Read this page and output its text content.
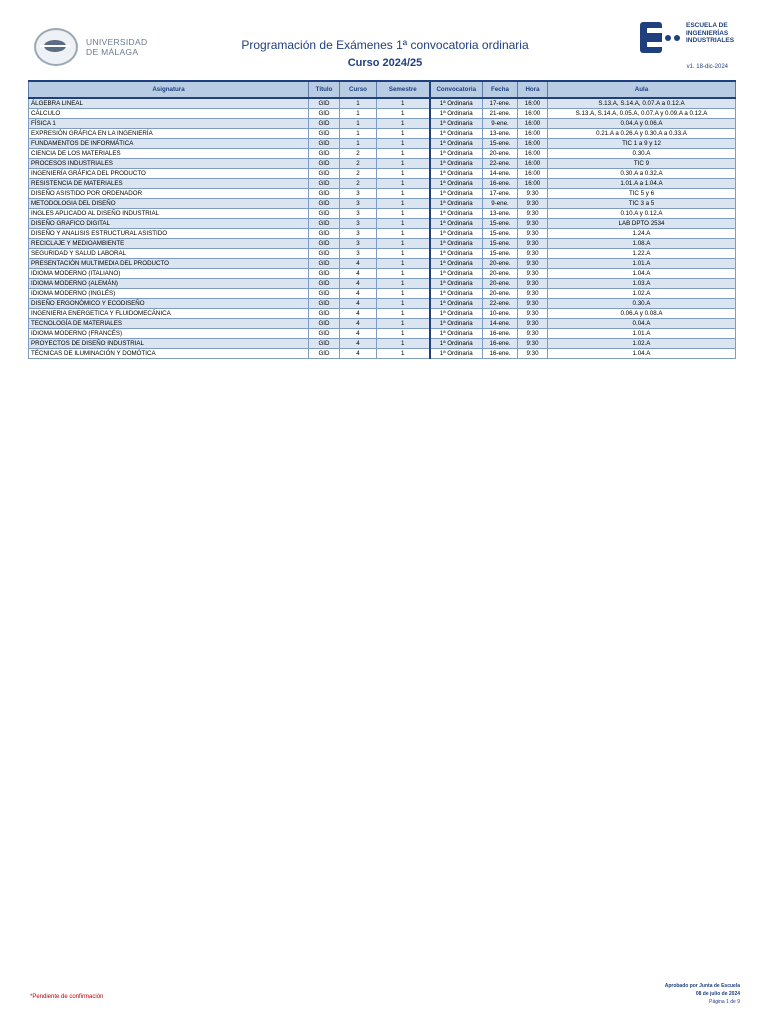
UNIVERSIDAD
DE MÁLAGA	Programación de Exámenes 1ª convocatoria ordinaria
Curso 2024/25
ESCUELA DE
INGENIERÍAS
INDUSTRIALES
v1. 18-dic-2024
Asignatura	Título	Curso	Semestre	Convocatoria	Fecha	Hora	Aula
ÁLGEBRA LINEAL	GID	1	1	1ª Ordinaria	17-ene.	16:00	S.13.A, S.14.A, 0.07.A a 0.12.A
CÁLCULO	GID	1	1	1ª Ordinaria	21-ene.	16:00	S.13.A, S.14.A, 0.05.A, 0.07.A y 0.09.A a 0.12.A
FÍSICA 1	GID	1	1	1ª Ordinaria	9-ene.	16:00	0.04.A y 0.06.A
EXPRESIÓN GRÁFICA EN LA INGENIERÍA	GID	1	1	1ª Ordinaria	13-ene.	16:00	0.21.A a 0.26.A y 0.30.A a 0.33.A
FUNDAMENTOS DE INFORMÁTICA	GID	1	1	1ª Ordinaria	15-ene.	16:00	TIC 1 a 9 y 12
CIENCIA DE LOS MATERIALES	GID	2	1	1ª Ordinaria	20-ene.	16:00	0.30.A
PROCESOS INDUSTRIALES	GID	2	1	1ª Ordinaria	22-ene.	16:00	TIC 9
INGENIERÍA GRÁFICA DEL PRODUCTO	GID	2	1	1ª Ordinaria	14-ene.	16:00	0.30.A a 0.32.A
RESISTENCIA DE MATERIALES	GID	2	1	1ª Ordinaria	16-ene.	16:00	1.01.A a 1.04.A
DISEÑO ASISTIDO POR ORDENADOR	GID	3	1	1ª Ordinaria	17-ene.	9:30	TIC 5 y 6
METODOLOGIA DEL DISEÑO	GID	3	1	1ª Ordinaria	9-ene.	9:30	TIC 3 a 5
INGLES APLICADO AL DISEÑO INDUSTRIAL	GID	3	1	1ª Ordinaria	13-ene.	9:30	0.10.A y 0.12.A
DISEÑO GRAFICO DIGITAL	GID	3	1	1ª Ordinaria	15-ene.	9:30	LAB DPTO 2534
DISEÑO Y ANALISIS ESTRUCTURAL ASISTIDO	GID	3	1	1ª Ordinaria	15-ene.	9:30	1.24.A
RECICLAJE Y MEDIOAMBIENTE	GID	3	1	1ª Ordinaria	15-ene.	9:30	1.08.A
SEGURIDAD Y SALUD LABORAL	GID	3	1	1ª Ordinaria	15-ene.	9:30	1.22.A
PRESENTACIÓN MULTIMEDIA DEL PRODUCTO	GID	4	1	1ª Ordinaria	20-ene.	9:30	1.01.A
IDIOMA MODERNO (ITALIANO)	GID	4	1	1ª Ordinaria	20-ene.	9:30	1.04.A
IDIOMA MODERNO (ALEMÁN)	GID	4	1	1ª Ordinaria	20-ene.	9:30	1.03.A
IDIOMA MODERNO (INGLÉS)	GID	4	1	1ª Ordinaria	20-ene.	9:30	1.02.A
DISEÑO ERGONÓMICO Y ECODISEÑO	GID	4	1	1ª Ordinaria	22-ene.	9:30	0.30.A
INGENIERIA ENERGETICA Y FLUIDOMECÁNICA	GID	4	1	1ª Ordinaria	10-ene.	9:30	0.06.A y 0.08.A
TECNOLOGÍA DE MATERIALES	GID	4	1	1ª Ordinaria	14-ene.	9:30	0.04.A
IDIOMA MODERNO (FRANCÉS)	GID	4	1	1ª Ordinaria	16-ene.	9:30	1.01.A
PROYECTOS DE DISEÑO INDUSTRIAL	GID	4	1	1ª Ordinaria	16-ene.	9:30	1.02.A
TÉCNICAS DE ILUMINACIÓN Y DOMÓTICA	GID	4	1	1ª Ordinaria	16-ene.	9:30	1.04.A
*Pendiente de confirmación
Aprobado por Junta de Escuela
08 de julio de 2024
Página 1 de 9
